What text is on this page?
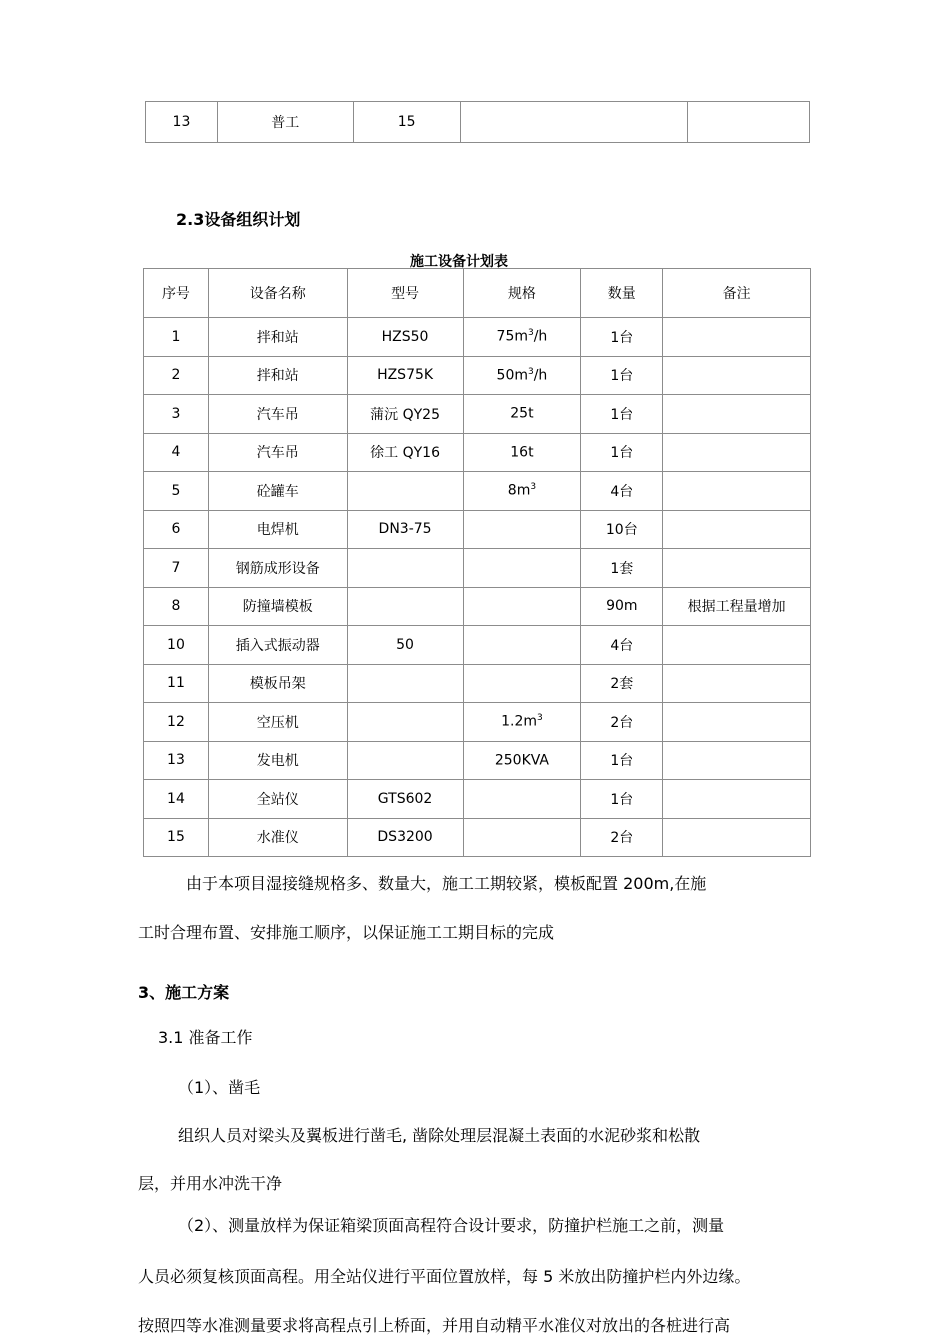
13	普工	15		
2.3设备组织计划
施工设备计划表
序号	设备名称	型号	规格	数量	备注
1	拌和站	HZS50	$75m^3/h$	1台	
2	拌和站	HZS75K	$50m^3/h$	1台	
3	汽车吊	蒲沅 QY25	25t	1台	
4	汽车吊	徐工 QY16	16t	1台	
5	砼罐车		$8m^3$	4台	
6	电焊机	DN3-75		10台	
7	钢筋成形设备			1套	
8	防撞墙模板			90m	根据工程量增加
10	插入式振动器	50		4台	
11	模板吊架			2套	
12	空压机		$1.2m^3$	2台	
13	发电机		250KVA	1台	
14	全站仪	GTS602		1台	
15	水准仪	DS3200		2台	
由于本项目湿接缝规格多、数量大，施工工期较紧，模板配置 200m,在施
工时合理布置、安排施工顺序，以保证施工工期目标的完成
3、施工方案
3.1 准备工作
（1）、凿毛
组织人员对梁头及翼板进行凿毛, 凿除处理层混凝土表面的水泥砂浆和松散
层，并用水冲洗干净
（2）、测量放样为保证箱梁顶面高程符合设计要求，防撞护栏施工之前，测量
人员必须复核顶面高程。用全站仪进行平面位置放样，每 5 米放出防撞护栏内外边缘。
按照四等水准测量要求将高程点引上桥面，并用自动精平水准仪对放出的各桩进行高
